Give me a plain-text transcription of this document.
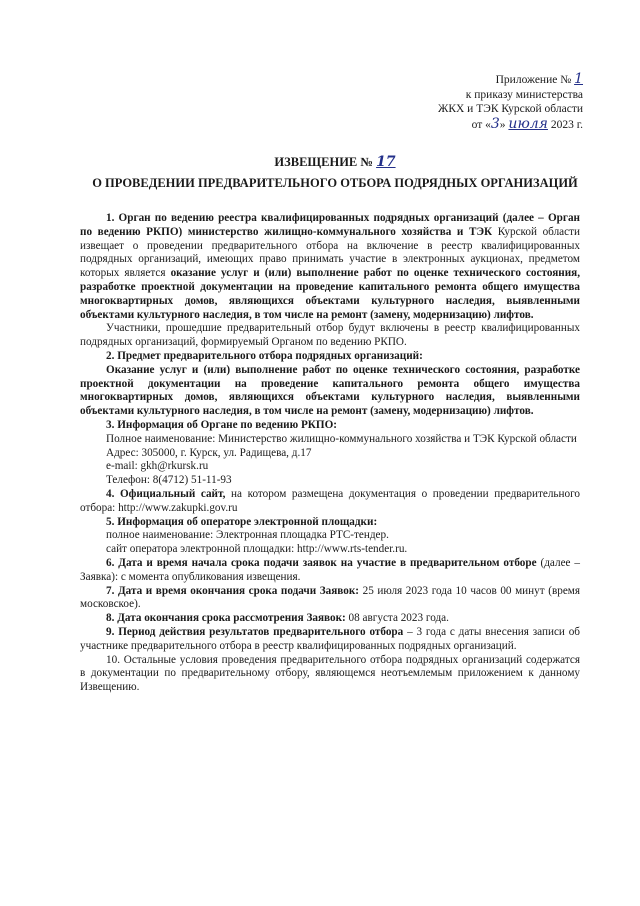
Приложение № 1
к приказу министерства
ЖКХ и ТЭК Курской области
от «3» июля 2023 г.
ИЗВЕЩЕНИЕ № 17
О ПРОВЕДЕНИИ ПРЕДВАРИТЕЛЬНОГО ОТБОРА ПОДРЯДНЫХ ОРГАНИЗАЦИЙ

1. Орган по ведению реестра квалифицированных подрядных организаций (далее – Орган по ведению РКПО) министерство жилищно-коммунального хозяйства и ТЭК Курской области извещает о проведении предварительного отбора на включение в реестр квалифицированных подрядных организаций, имеющих право принимать участие в электронных аукционах, предметом которых является оказание услуг и (или) выполнение работ по оценке технического состояния, разработке проектной документации на проведение капитального ремонта общего имущества многоквартирных домов, являющихся объектами культурного наследия, выявленными объектами культурного наследия, в том числе на ремонт (замену, модернизацию) лифтов.

Участники, прошедшие предварительный отбор будут включены в реестр квалифицированных подрядных организаций, формируемый Органом по ведению РКПО.

2. Предмет предварительного отбора подрядных организаций:

Оказание услуг и (или) выполнение работ по оценке технического состояния, разработке проектной документации на проведение капитального ремонта общего имущества многоквартирных домов, являющихся объектами культурного наследия, выявленными объектами культурного наследия, в том числе на ремонт (замену, модернизацию) лифтов.

3. Информация об Органе по ведению РКПО:

Полное наименование: Министерство жилищно-коммунального хозяйства и ТЭК Курской области

Адрес: 305000, г. Курск, ул. Радищева, д.17

e-mail: gkh@rkursk.ru

Телефон: 8(4712) 51-11-93

4. Официальный сайт, на котором размещена документация о проведении предварительного отбора: http://www.zakupki.gov.ru

5. Информация об операторе электронной площадки:

полное наименование: Электронная площадка РТС-тендер.

сайт оператора электронной площадки: http://www.rts-tender.ru.

6. Дата и время начала срока подачи заявок на участие в предварительном отборе (далее – Заявка): с момента опубликования извещения.

7. Дата и время окончания срока подачи Заявок: 25 июля 2023 года 10 часов 00 минут (время московское).

8. Дата окончания срока рассмотрения Заявок: 08 августа 2023 года.

9. Период действия результатов предварительного отбора – 3 года с даты внесения записи об участнике предварительного отбора в реестр квалифицированных подрядных организаций.

10. Остальные условия проведения предварительного отбора подрядных организаций содержатся в документации по предварительному отбору, являющемся неотъемлемым приложением к данному Извещению.
